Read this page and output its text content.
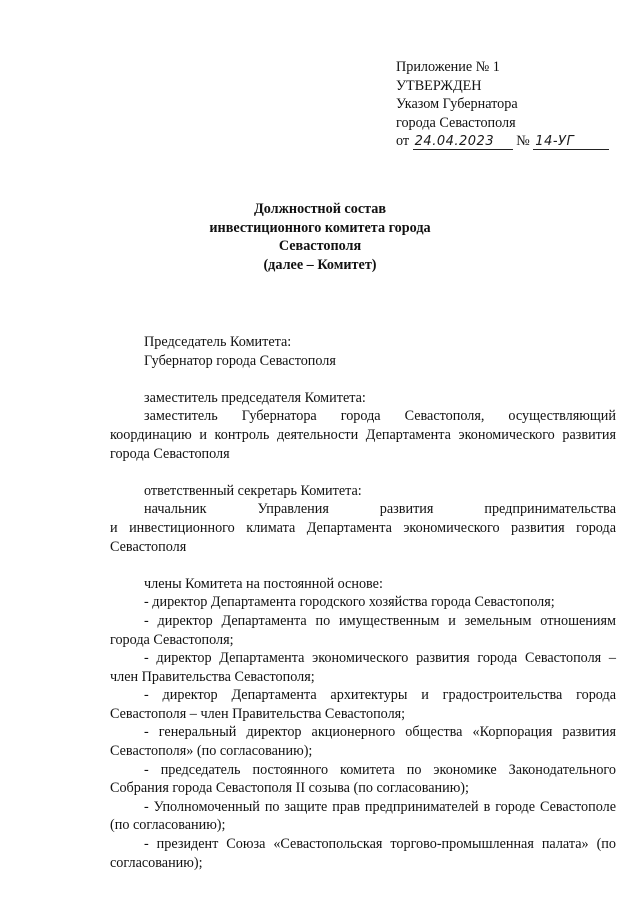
Приложение № 1
УТВЕРЖДЕН
Указом Губернатора
города Севастополя
от 24.04.2023 № 14-УГ
Должностной состав
инвестиционного комитета города
Севастополя
(далее – Комитет)

Председатель Комитета:

Губернатор города Севастополя

заместитель председателя Комитета:

заместитель Губернатора города Севастополя, осуществляющий координацию и контроль деятельности Департамента экономического развития города Севастополя

ответственный секретарь Комитета:

начальник Управления развития предпринимательства

и инвестиционного климата Департамента экономического развития города Севастополя

члены Комитета на постоянной основе:

- директор Департамента городского хозяйства города Севастополя;

- директор Департамента по имущественным и земельным отношениям города Севастополя;

- директор Департамента экономического развития города Севастополя – член Правительства Севастополя;

- директор Департамента архитектуры и градостроительства города Севастополя – член Правительства Севастополя;

- генеральный директор акционерного общества «Корпорация развития Севастополя» (по согласованию);

- председатель постоянного комитета по экономике Законодательного Собрания города Севастополя II созыва (по согласованию);

- Уполномоченный по защите прав предпринимателей в городе Севастополе (по согласованию);

- президент Союза «Севастопольская торгово-промышленная палата» (по согласованию);
